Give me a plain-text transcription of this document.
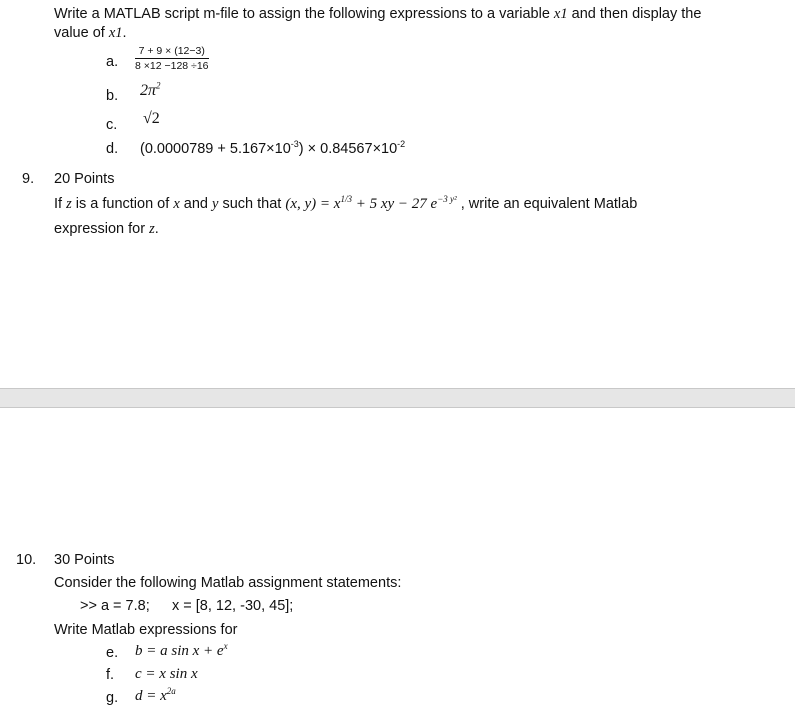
Write a MATLAB script m-file to assign the following expressions to a variable x1 and then display the
value of x1.
a. $\frac{7 + 9 \times (12-3)}{8 \times 12 -128 \div 16}$
b. $2\pi^2$
c. √2
d. $(0.0000789 + 5.167\times 10^{-3}) \times 0.84567\times 10^{-2}$
9. 20 Points
If z is a function of x and y such that (x, $y) = x^{1/3} + 5$ xy − 27 $e^{-3 y^2}$ , write an equivalent Matlab
expression for z.
10. 30 Points
Consider the following Matlab assignment statements:
>> a = 7.8; x = [8, 12, -30, 45];
Write Matlab expressions for
e. b = a $\sin x + e^x$
f. c = x sin x
g. $d = x^{2a}$
